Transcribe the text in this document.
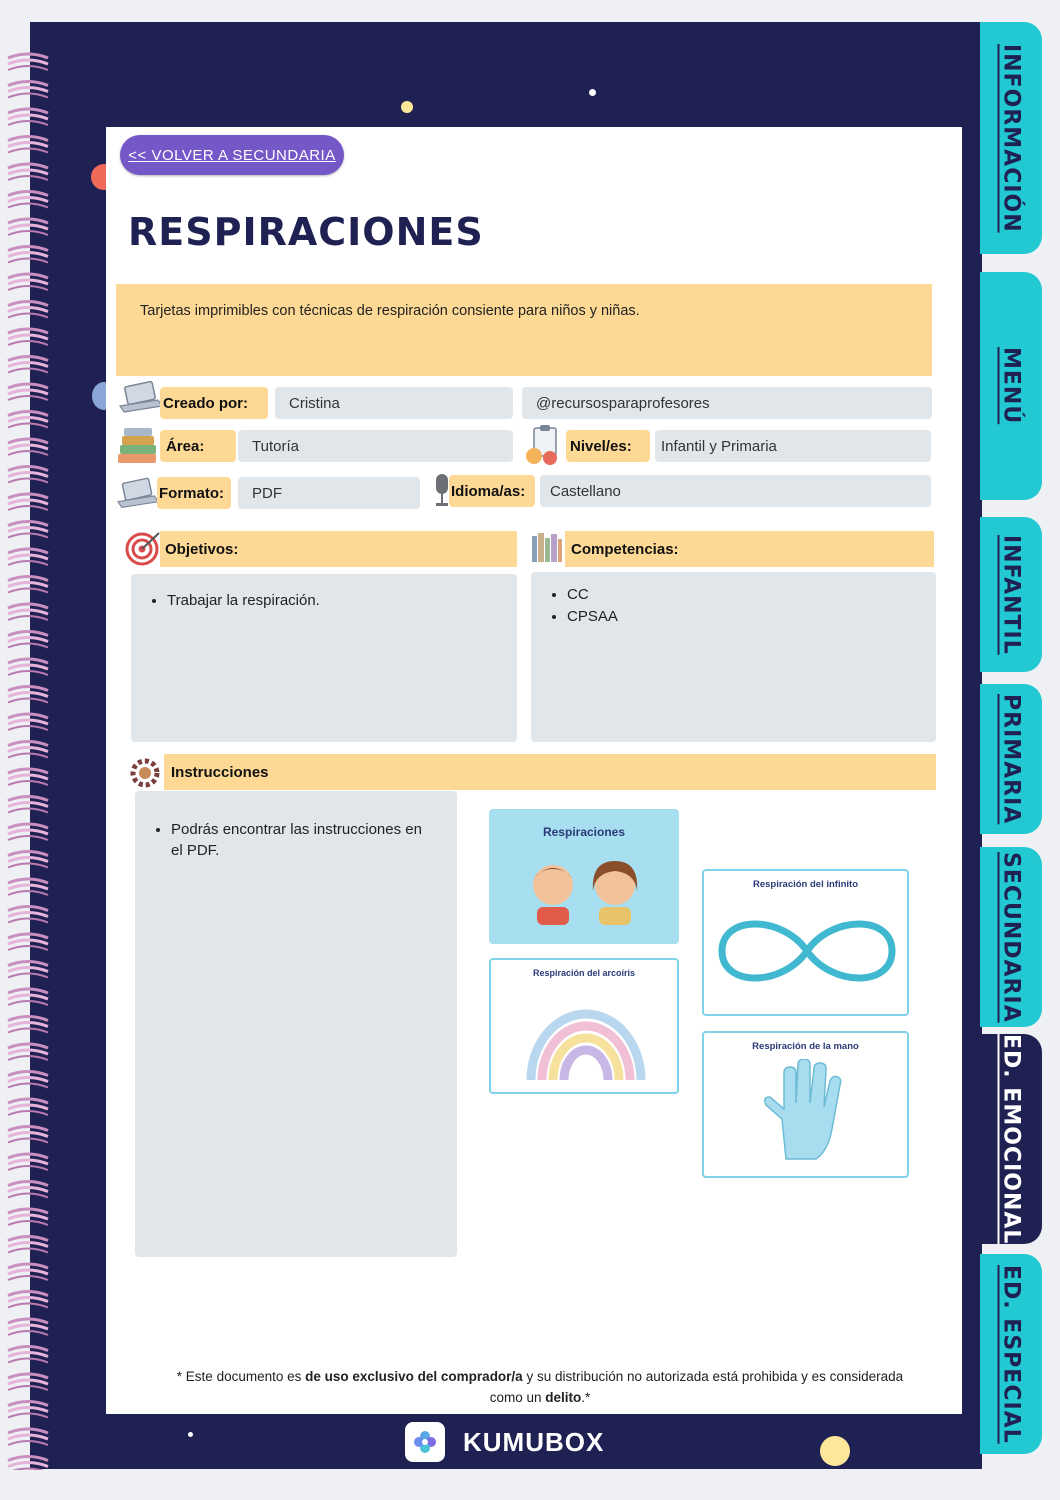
INFORMACIÓN
MENÚ
INFANTIL
PRIMARIA
SECUNDARIA
ED. EMOCIONAL
ED. ESPECIAL
<< VOLVER A SECUNDARIA
RESPIRACIONES

Tarjetas imprimibles con técnicas de respiración consiente para niños y niñas.

Creado por:	Cristina	@recursosparaprofesores
Área:	Tutoría	Nivel/es:	Infantil y Primaria
Formato:	PDF	Idioma/as:	Castellano
Objetivos:
• Trabajar la respiración.
Competencias:
• CC
• CPSAA
Instrucciones
• Podrás encontrar las instrucciones en el PDF.
Respiraciones
Respiración del arcoíris
Respiración del infinito
Respiración de la mano
* Este documento es de uso exclusivo del comprador/a y su distribución no autorizada está prohibida y es considerada como un delito.*
KUMUBOX
